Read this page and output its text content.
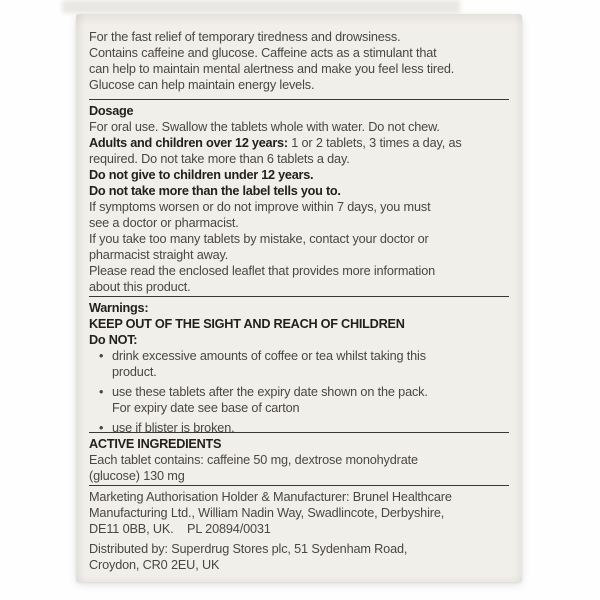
For the fast relief of temporary tiredness and drowsiness.
Contains caffeine and glucose. Caffeine acts as a stimulant that
can help to maintain mental alertness and make you feel less tired.
Glucose can help maintain energy levels.
Dosage
For oral use. Swallow the tablets whole with water. Do not chew.
Adults and children over 12 years: 1 or 2 tablets, 3 times a day, as
required. Do not take more than 6 tablets a day.
Do not give to children under 12 years.
Do not take more than the label tells you to.
If symptoms worsen or do not improve within 7 days, you must
see a doctor or pharmacist.
If you take too many tablets by mistake, contact your doctor or
pharmacist straight away.
Please read the enclosed leaflet that provides more information
about this product.
Warnings:
KEEP OUT OF THE SIGHT AND REACH OF CHILDREN
Do NOT:
• drink excessive amounts of coffee or tea whilst taking this
product.
• use these tablets after the expiry date shown on the pack.
For expiry date see base of carton
• use if blister is broken.
ACTIVE INGREDIENTS
Each tablet contains: caffeine 50 mg, dextrose monohydrate
(glucose) 130 mg
Marketing Authorisation Holder & Manufacturer: Brunel Healthcare
Manufacturing Ltd., William Nadin Way, Swadlincote, Derbyshire,
DE11 0BB, UK.    PL 20894/0031
Distributed by: Superdrug Stores plc, 51 Sydenham Road,
Croydon, CR0 2EU, UK
